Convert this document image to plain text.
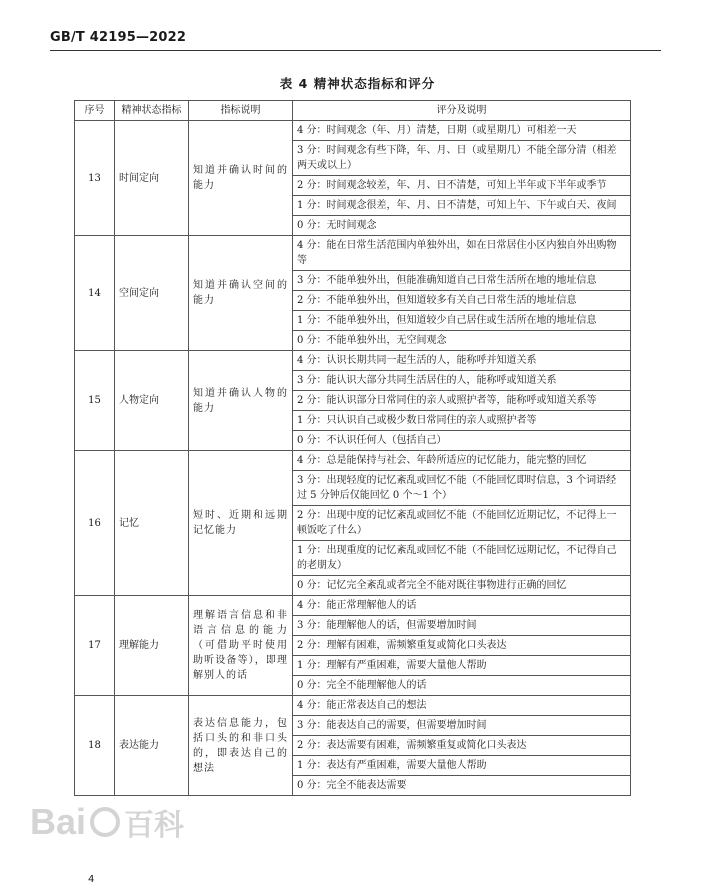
GB/T 42195—2022
表 4 精神状态指标和评分
序号	精神状态指标	指标说明	评分及说明
13	时间定向	知道并确认时间的能力	4 分：时间观念（年、月）清楚，日期（或星期几）可相差一天
			3 分：时间观念有些下降，年、月、日（或星期几）不能全部分清（相差两天或以上）
			2 分：时间观念较差，年、月、日不清楚，可知上半年或下半年或季节
			1 分：时间观念很差，年、月、日不清楚，可知上午、下午或白天、夜间
			0 分：无时间观念
14	空间定向	知道并确认空间的能力	4 分：能在日常生活范围内单独外出，如在日常居住小区内独自外出购物等
			3 分：不能单独外出，但能准确知道自己日常生活所在地的地址信息
			2 分：不能单独外出，但知道较多有关自己日常生活的地址信息
			1 分：不能单独外出，但知道较少自己居住或生活所在地的地址信息
			0 分：不能单独外出，无空间观念
15	人物定向	知道并确认人物的能力	4 分：认识长期共同一起生活的人，能称呼并知道关系
			3 分：能认识大部分共同生活居住的人，能称呼或知道关系
			2 分：能认识部分日常同住的亲人或照护者等，能称呼或知道关系等
			1 分：只认识自己或极少数日常同住的亲人或照护者等
			0 分：不认识任何人（包括自己）
16	记忆	短时、近期和远期记忆能力	4 分：总是能保持与社会、年龄所适应的记忆能力，能完整的回忆
			3 分：出现轻度的记忆紊乱或回忆不能（不能回忆即时信息，3 个词语经过 5 分钟后仅能回忆 0 个～1 个）
			2 分：出现中度的记忆紊乱或回忆不能（不能回忆近期记忆，不记得上一顿饭吃了什么）
			1 分：出现重度的记忆紊乱或回忆不能（不能回忆远期记忆，不记得自己的老朋友）
			0 分：记忆完全紊乱或者完全不能对既往事物进行正确的回忆
17	理解能力	理解语言信息和非语言信息的能力（可借助平时使用助听设备等），即理解别人的话	4 分：能正常理解他人的话
			3 分：能理解他人的话，但需要增加时间
			2 分：理解有困难，需频繁重复或简化口头表达
			1 分：理解有严重困难，需要大量他人帮助
			0 分：完全不能理解他人的话
18	表达能力	表达信息能力，包括口头的和非口头的，即表达自己的想法	4 分：能正常表达自己的想法
			3 分：能表达自己的需要，但需要增加时间
			2 分：表达需要有困难，需频繁重复或简化口头表达
			1 分：表达有严重困难，需要大量他人帮助
			0 分：完全不能表达需要
4
Bai 百科
